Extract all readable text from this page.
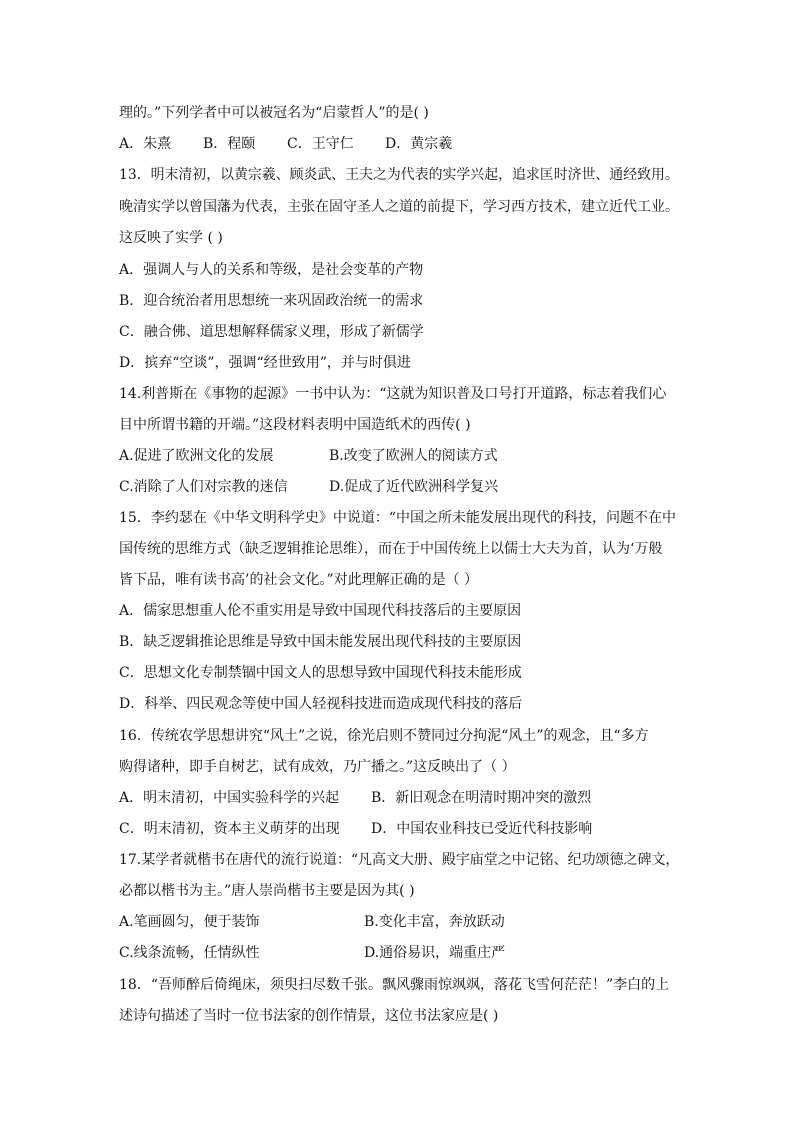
理的。”下列学者中可以被冠名为“启蒙哲人”的是( )
A．朱熹 B．程颐 C．王守仁 D．黄宗羲
13．明末清初，以黄宗羲、顾炎武、王夫之为代表的实学兴起，追求匡时济世、通经致用。
晚清实学以曾国藩为代表，主张在固守圣人之道的前提下，学习西方技术，建立近代工业。
这反映了实学 ( )
A．强调人与人的关系和等级，是社会变革的产物
B．迎合统治者用思想统一来巩固政治统一的需求
C．融合佛、道思想解释儒家义理，形成了新儒学
D．摈弃“空谈”，强调“经世致用”，并与时俱进
14.利普斯在《事物的起源》一书中认为：“这就为知识普及口号打开道路，标志着我们心
目中所谓书籍的开端。”这段材料表明中国造纸术的西传( )
A.促进了欧洲文化的发展	B.改变了欧洲人的阅读方式
C.消除了人们对宗教的迷信	D.促成了近代欧洲科学复兴
15．李约瑟在《中华文明科学史》中说道：“中国之所未能发展出现代的科技，问题不在中
国传统的思维方式（缺乏逻辑推论思维），而在于中国传统上以儒士大夫为首，认为‘万般
皆下品，唯有读书高’的社会文化。”对此理解正确的是（ ）
A．儒家思想重人伦不重实用是导致中国现代科技落后的主要原因
B．缺乏逻辑推论思维是导致中国未能发展出现代科技的主要原因
C．思想文化专制禁锢中国文人的思想导致中国现代科技未能形成
D．科举、四民观念等使中国人轻视科技进而造成现代科技的落后
16．传统农学思想讲究“风土”之说，徐光启则不赞同过分拘泥“风土”的观念，且“多方
购得诸种，即手自树艺，试有成效，乃广播之。”这反映出了（ ）
A．明末清初，中国实验科学的兴起 B．新旧观念在明清时期冲突的激烈
C．明末清初，资本主义萌芽的出现 D．中国农业科技已受近代科技影响
17.某学者就楷书在唐代的流行说道：“凡高文大册、殿宇庙堂之中记铭、纪功颂德之碑文，
必都以楷书为主。”唐人崇尚楷书主要是因为其( )
A.笔画圆匀，便于装饰	B.变化丰富，奔放跃动
C.线条流畅，任情纵性	D.通俗易识，端重庄严
18．“吾师醉后倚绳床，须臾扫尽数千张。飘风骤雨惊飒飒，落花飞雪何茫茫！”李白的上
述诗句描述了当时一位书法家的创作情景，这位书法家应是( )
